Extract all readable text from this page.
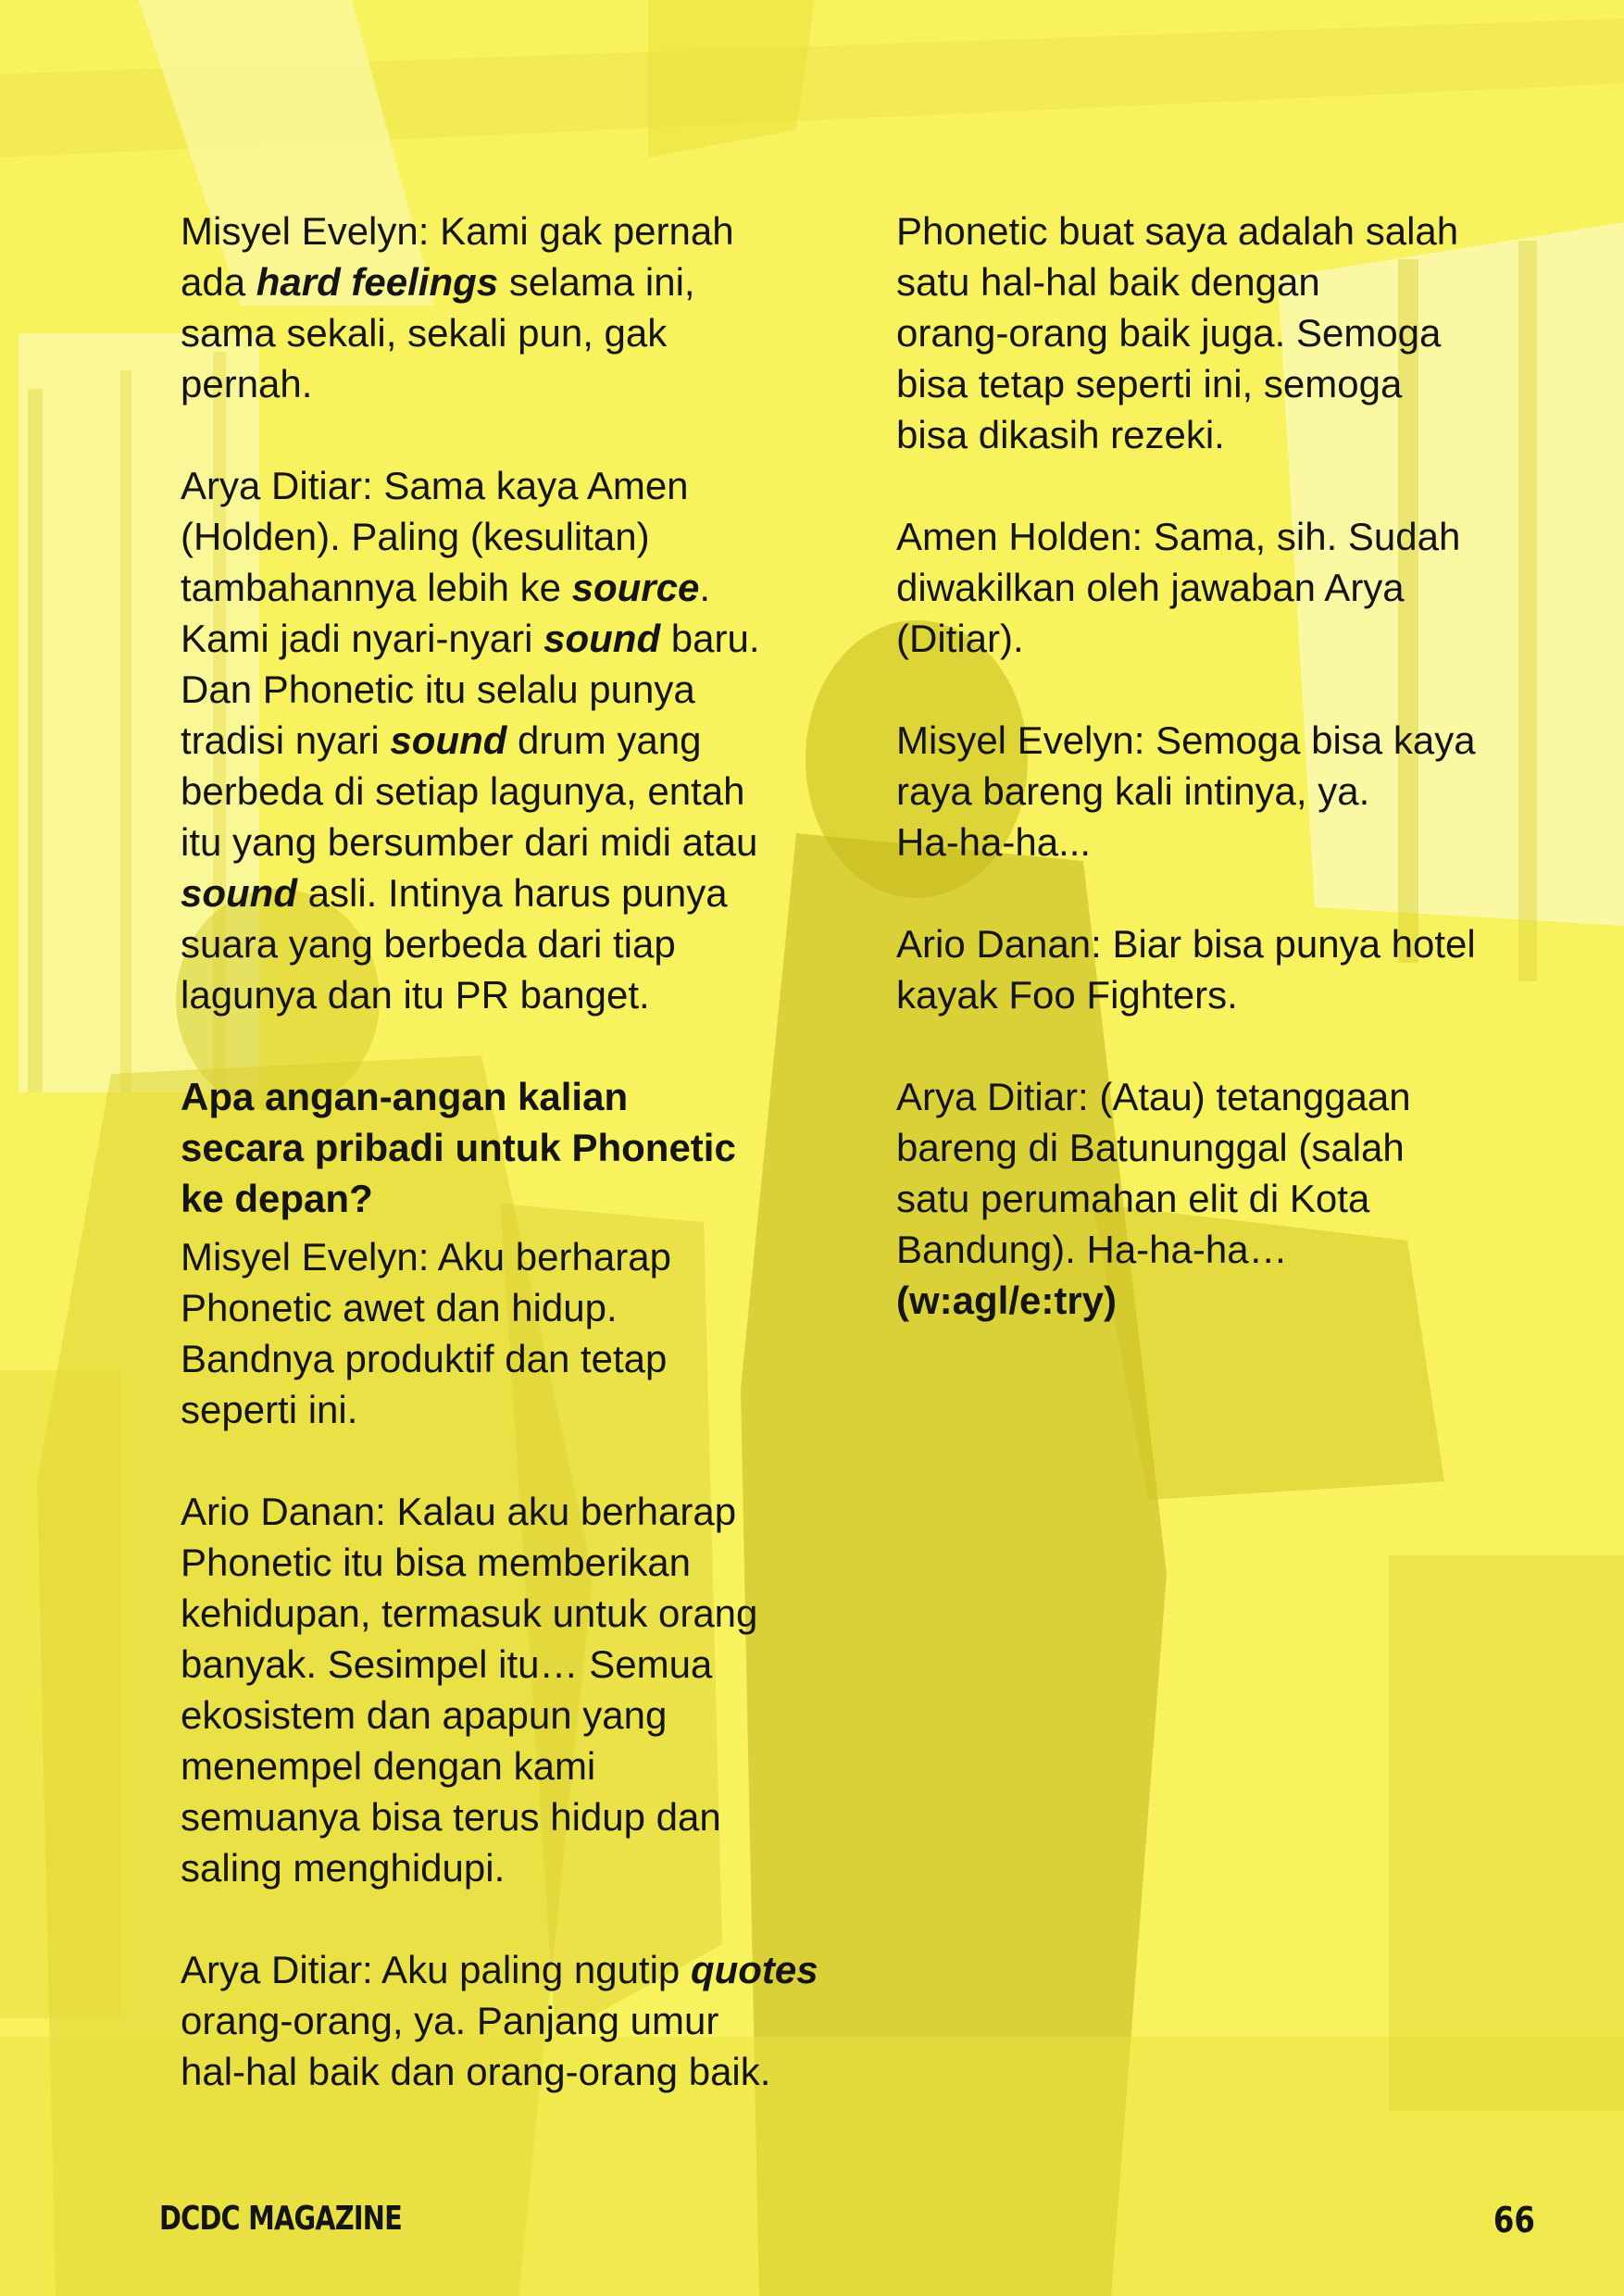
Misyel Evelyn: Kami gak pernah
ada hard feelings selama ini,
sama sekali, sekali pun, gak
pernah.

Arya Ditiar: Sama kaya Amen
(Holden). Paling (kesulitan)
tambahannya lebih ke source.
Kami jadi nyari-nyari sound baru.
Dan Phonetic itu selalu punya
tradisi nyari sound drum yang
berbeda di setiap lagunya, entah
itu yang bersumber dari midi atau
sound asli. Intinya harus punya
suara yang berbeda dari tiap
lagunya dan itu PR banget.

Apa angan-angan kalian
secara pribadi untuk Phonetic
ke depan?

Misyel Evelyn: Aku berharap
Phonetic awet dan hidup.
Bandnya produktif dan tetap
seperti ini.

Ario Danan: Kalau aku berharap
Phonetic itu bisa memberikan
kehidupan, termasuk untuk orang
banyak. Sesimpel itu… Semua
ekosistem dan apapun yang
menempel dengan kami
semuanya bisa terus hidup dan
saling menghidupi.

Arya Ditiar: Aku paling ngutip quotes
orang-orang, ya. Panjang umur
hal-hal baik dan orang-orang baik.

Phonetic buat saya adalah salah
satu hal-hal baik dengan
orang-orang baik juga. Semoga
bisa tetap seperti ini, semoga
bisa dikasih rezeki.

Amen Holden: Sama, sih. Sudah
diwakilkan oleh jawaban Arya
(Ditiar).

Misyel Evelyn: Semoga bisa kaya
raya bareng kali intinya, ya.
Ha-ha-ha...

Ario Danan: Biar bisa punya hotel
kayak Foo Fighters.

Arya Ditiar: (Atau) tetanggaan
bareng di Batununggal (salah
satu perumahan elit di Kota
Bandung). Ha-ha-ha…
(w:agl/e:try)

DCDC MAGAZINE	66
